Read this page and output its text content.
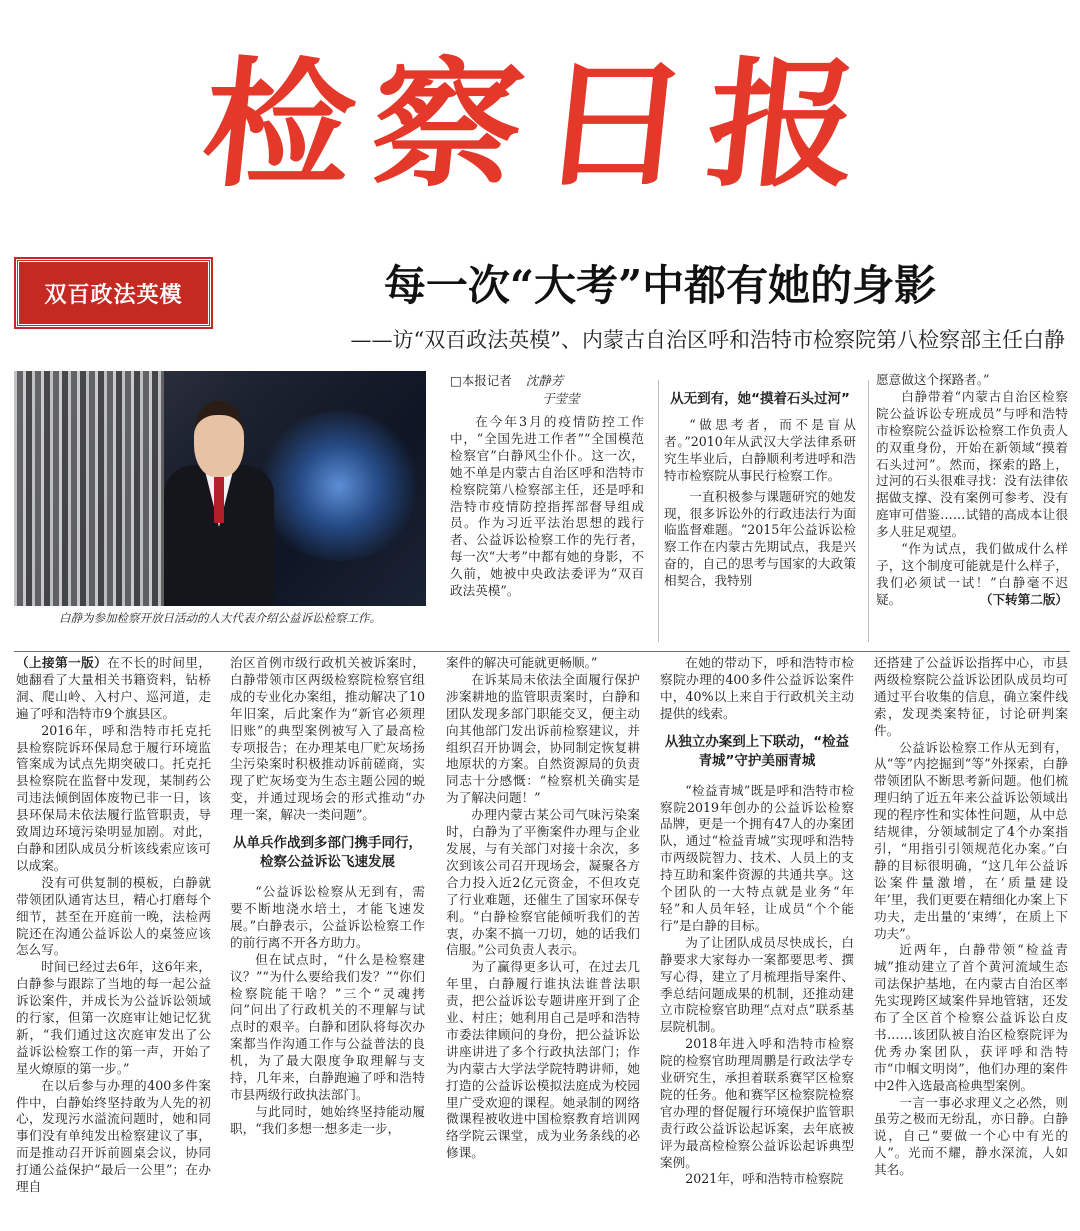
检察日报
双百政法英模	每一次“大考”中都有她的身影
——访“双百政法英模”、内蒙古自治区呼和浩特市检察院第八检察部主任白静
白静为参加检察开放日活动的人大代表介绍公益诉讼检察工作。
□本报记者 沈静芳
于莹莹

在今年3月的疫情防控工作中，“全国先进工作者”“全国模范检察官”白静风尘仆仆。这一次，她不单是内蒙古自治区呼和浩特市检察院第八检察部主任，还是呼和浩特市疫情防控指挥部督导组成员。作为习近平法治思想的践行者、公益诉讼检察工作的先行者，每一次“大考”中都有她的身影，不久前，她被中央政法委评为“双百政法英模”。

从无到有，她“摸着石头过河”

“做思考者，而不是盲从者。”2010年从武汉大学法律系研究生毕业后，白静顺利考进呼和浩特市检察院从事民行检察工作。

一直积极参与课题研究的她发现，很多诉讼外的行政违法行为面临监督难题。“2015年公益诉讼检察工作在内蒙古先期试点，我是兴奋的，自己的思考与国家的大政策相契合，我特别

愿意做这个探路者。”

白静带着“内蒙古自治区检察院公益诉讼专班成员”与呼和浩特市检察院公益诉讼检察工作负责人的双重身份，开始在新领域“摸着石头过河”。然而，探索的路上，过河的石头很难寻找：没有法律依据做支撑、没有案例可参考、没有庭审可借鉴……试错的高成本让很多人驻足观望。

“作为试点，我们做成什么样子，这个制度可能就是什么样子，我们必须试一试！”白静毫不迟疑。	（下转第二版）

（上接第一版）在不长的时间里，她翻看了大量相关书籍资料，钻桥洞、爬山岭、入村户、巡河道，走遍了呼和浩特市9个旗县区。

2016年，呼和浩特市托克托县检察院诉环保局怠于履行环境监管案成为试点先期突破口。托克托县检察院在监督中发现，某制药公司违法倾倒固体废物已非一日，该县环保局未依法履行监管职责，导致周边环境污染明显加剧。对此，白静和团队成员分析该线索应该可以成案。

没有可供复制的模板，白静就带领团队通宵达旦，精心打磨每个细节，甚至在开庭前一晚，法检两院还在沟通公益诉讼人的桌签应该怎么写。

时间已经过去6年，这6年来，白静参与跟踪了当地的每一起公益诉讼案件，并成长为公益诉讼领域的行家，但第一次庭审让她记忆犹新，“我们通过这次庭审发出了公益诉讼检察工作的第一声，开始了星火燎原的第一步。”

在以后参与办理的400多件案件中，白静始终坚持敢为人先的初心，发现污水溢流问题时，她和同事们没有单纯发出检察建议了事，而是推动召开诉前圆桌会议，协同打通公益保护“最后一公里”；在办理自

治区首例市级行政机关被诉案时，白静带领市区两级检察院检察官组成的专业化办案组，推动解决了10年旧案，后此案作为“新官必须理旧账”的典型案例被写入了最高检专项报告；在办理某电厂贮灰场扬尘污染案时积极推动诉前磋商，实现了贮灰场变为生态主题公园的蜕变，并通过现场会的形式推动“办理一案，解决一类问题”。

从单兵作战到多部门携手同行，检察公益诉讼飞速发展

“公益诉讼检察从无到有，需要不断地浇水培土，才能飞速发展。”白静表示，公益诉讼检察工作的前行离不开各方助力。

但在试点时，“什么是检察建议？”“为什么要给我们发？”“你们检察院能干啥？”三个“灵魂拷问”问出了行政机关的不理解与试点时的艰辛。白静和团队将每次办案都当作沟通工作与公益普法的良机，为了最大限度争取理解与支持，几年来，白静跑遍了呼和浩特市县两级行政执法部门。

与此同时，她始终坚持能动履职，“我们多想一想多走一步，

案件的解决可能就更畅顺。”

在诉某局未依法全面履行保护涉案耕地的监管职责案时，白静和团队发现多部门职能交叉，便主动向其他部门发出诉前检察建议，并组织召开协调会，协同制定恢复耕地原状的方案。自然资源局的负责同志十分感慨：“检察机关确实是为了解决问题！”

办理内蒙古某公司气味污染案时，白静为了平衡案件办理与企业发展，与有关部门对接十余次，多次到该公司召开现场会，凝聚各方合力投入近2亿元资金，不但攻克了行业难题，还催生了国家环保专利。“白静检察官能倾听我们的苦衷，办案不搞一刀切，她的话我们信服。”公司负责人表示。

为了赢得更多认可，在过去几年里，白静履行谁执法谁普法职责，把公益诉讼专题讲座开到了企业、村庄；她利用自己是呼和浩特市委法律顾问的身份，把公益诉讼讲座讲进了多个行政执法部门；作为内蒙古大学法学院特聘讲师，她打造的公益诉讼模拟法庭成为校园里广受欢迎的课程。她录制的网络微课程被收进中国检察教育培训网络学院云课堂，成为业务条线的必修课。

在她的带动下，呼和浩特市检察院办理的400多件公益诉讼案件中，40%以上来自于行政机关主动提供的线索。

从独立办案到上下联动，“检益青城”守护美丽青城

“检益青城”既是呼和浩特市检察院2019年创办的公益诉讼检察品牌，更是一个拥有47人的办案团队，通过“检益青城”实现呼和浩特市两级院智力、技术、人员上的支持互助和案件资源的共通共享。这个团队的一大特点就是业务“年轻”和人员年轻，让成员“个个能行”是白静的目标。

为了让团队成员尽快成长，白静要求大家每办一案都要思考、撰写心得，建立了月梳理指导案件、季总结问题成果的机制，还推动建立市院检察官助理“点对点”联系基层院机制。

2018年进入呼和浩特市检察院的检察官助理周鹏是行政法学专业研究生，承担着联系赛罕区检察院的任务。他和赛罕区检察院检察官办理的督促履行环境保护监管职责行政公益诉讼起诉案，去年底被评为最高检检察公益诉讼起诉典型案例。

2021年，呼和浩特市检察院

还搭建了公益诉讼指挥中心，市县两级检察院公益诉讼团队成员均可通过平台收集的信息，确立案件线索，发现类案特征，讨论研判案件。

公益诉讼检察工作从无到有，从“等”内挖掘到“等”外探索，白静带领团队不断思考新问题。他们梳理归纳了近五年来公益诉讼领域出现的程序性和实体性问题，从中总结规律，分领域制定了4个办案指引，“用指引引领规范化办案。”白静的目标很明确，“这几年公益诉讼案件量激增，在‘质量建设年’里，我们更要在精细化办案上下功夫，走出量的‘束缚’，在质上下功夫”。

近两年，白静带领“检益青城”推动建立了首个黄河流域生态司法保护基地，在内蒙古自治区率先实现跨区域案件异地管辖，还发布了全区首个检察公益诉讼白皮书……该团队被自治区检察院评为优秀办案团队，获评呼和浩特市“巾帼文明岗”，他们办理的案件中2件入选最高检典型案例。

一言一事必求理义之必然，则虽劳之极而无纷乱，亦日静。白静说，自己“要做一个心中有光的人”。光而不耀，静水深流，人如其名。
